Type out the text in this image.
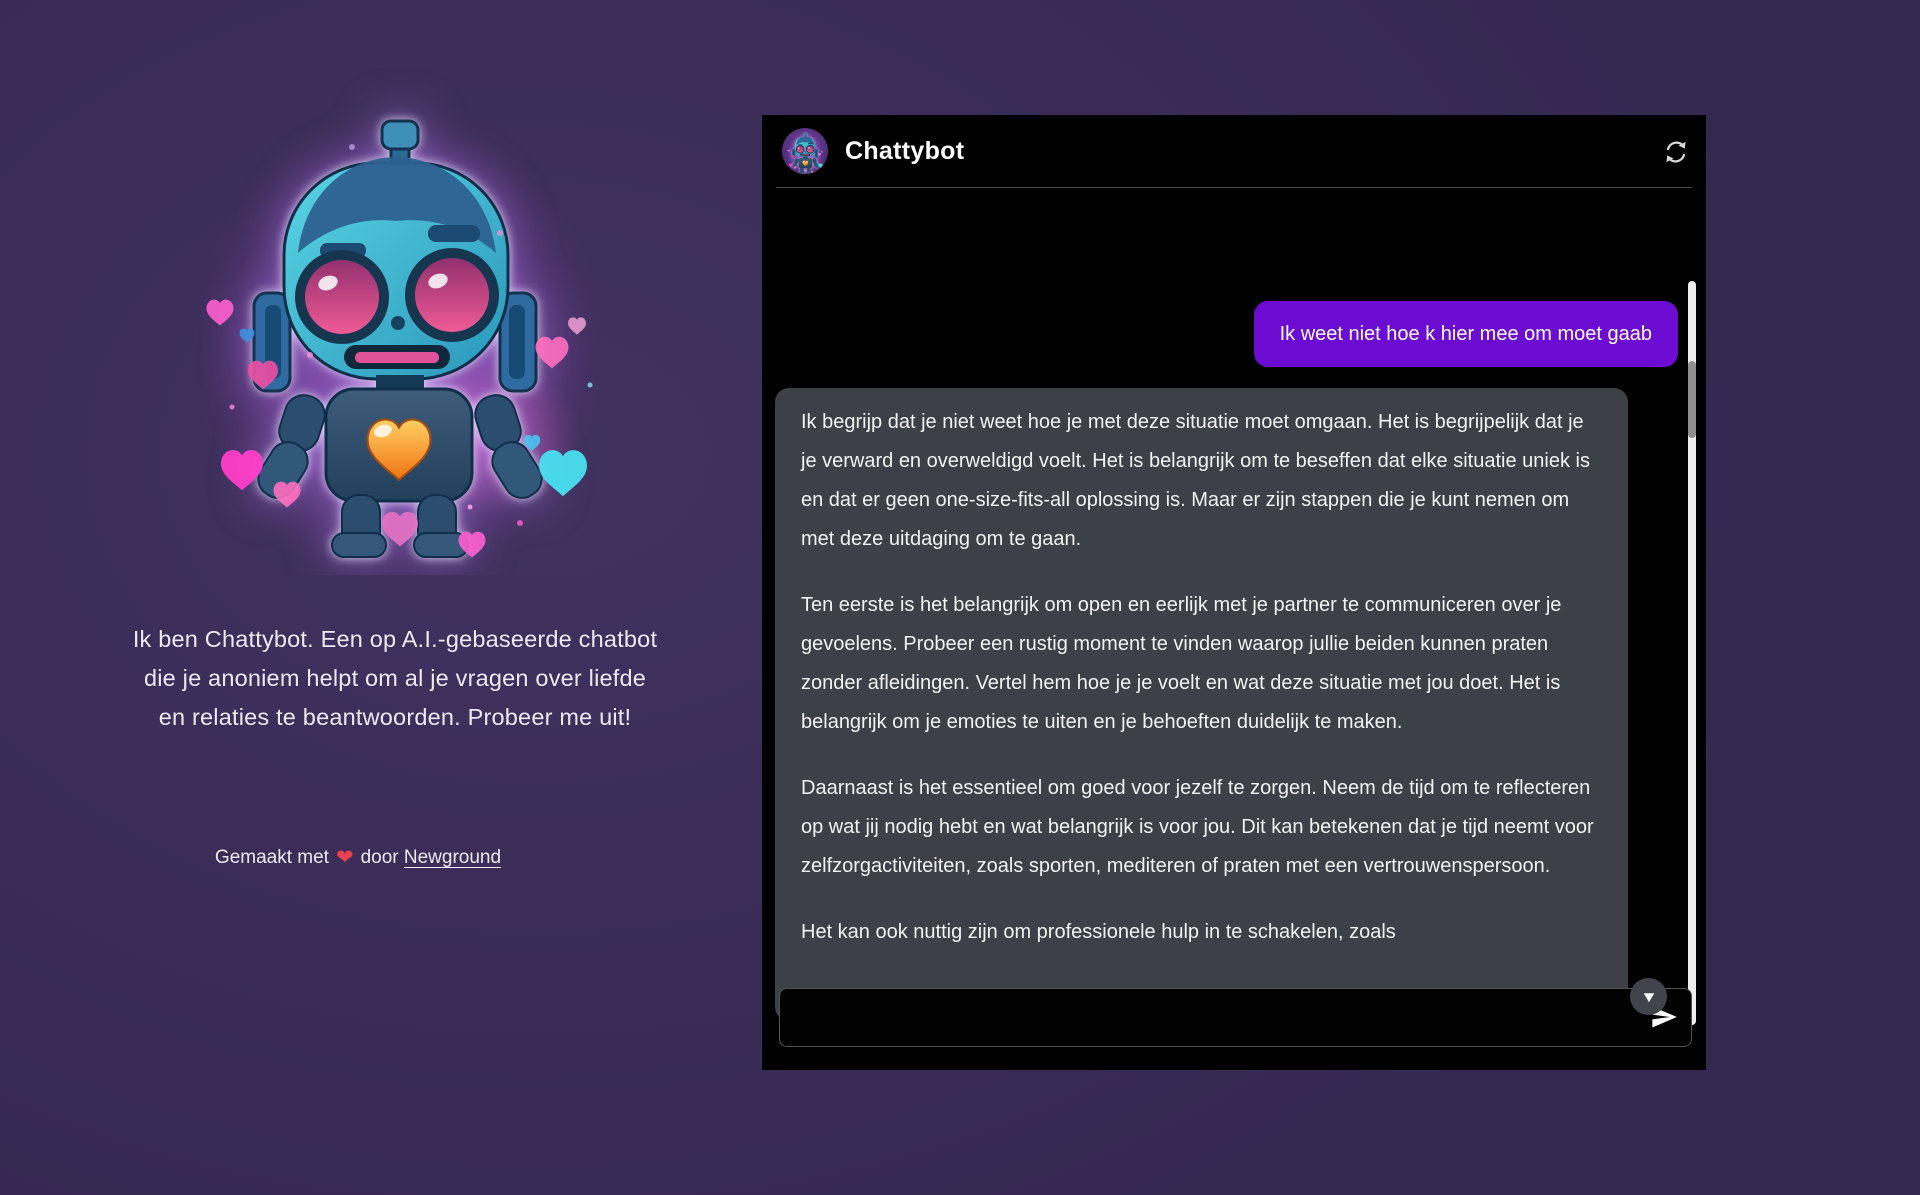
Ik ben Chattybot. Een op A.I.-gebaseerde chatbot
die je anoniem helpt om al je vragen over liefde
en relaties te beantwoorden. Probeer me uit!
Gemaakt met ❤ door Newground
Chattybot
Ik weet niet hoe k hier mee om moet gaab

Ik begrijp dat je niet weet hoe je met deze situatie moet omgaan. Het is begrijpelijk dat je je verward en overweldigd voelt. Het is belangrijk om te beseffen dat elke situatie uniek is en dat er geen one-size-fits-all oplossing is. Maar er zijn stappen die je kunt nemen om met deze uitdaging om te gaan.

Ten eerste is het belangrijk om open en eerlijk met je partner te communiceren over je gevoelens. Probeer een rustig moment te vinden waarop jullie beiden kunnen praten zonder afleidingen. Vertel hem hoe je je voelt en wat deze situatie met jou doet. Het is belangrijk om je emoties te uiten en je behoeften duidelijk te maken.

Daarnaast is het essentieel om goed voor jezelf te zorgen. Neem de tijd om te reflecteren op wat jij nodig hebt en wat belangrijk is voor jou. Dit kan betekenen dat je tijd neemt voor zelfzorgactiviteiten, zoals sporten, mediteren of praten met een vertrouwenspersoon.

Het kan ook nuttig zijn om professionele hulp in te schakelen, zoals
